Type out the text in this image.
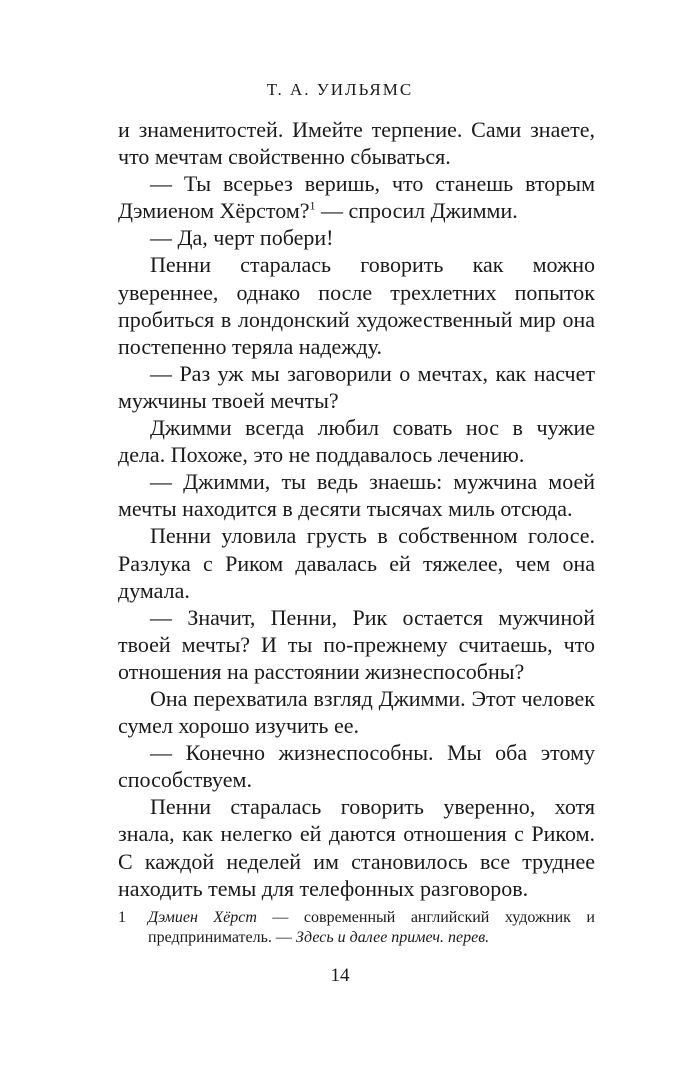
Т. А. УИЛЬЯМС

и знаменитостей. Имейте терпение. Сами знаете, что мечтам свойственно сбываться.

— Ты всерьез веришь, что станешь вторым Дэмиеном Хёрстом?$^1$ — спросил Джимми.

— Да, черт побери!

Пенни старалась говорить как можно увереннее, однако после трехлетних попыток пробиться в лондонский художественный мир она постепенно теряла надежду.

— Раз уж мы заговорили о мечтах, как насчет мужчины твоей мечты?

Джимми всегда любил совать нос в чужие дела. Похоже, это не поддавалось лечению.

— Джимми, ты ведь знаешь: мужчина моей мечты находится в десяти тысячах миль отсюда.

Пенни уловила грусть в собственном голосе. Разлука с Риком давалась ей тяжелее, чем она думала.

— Значит, Пенни, Рик остается мужчиной твоей мечты? И ты по-прежнему считаешь, что отношения на расстоянии жизнеспособны?

Она перехватила взгляд Джимми. Этот человек сумел хорошо изучить ее.

— Конечно жизнеспособны. Мы оба этому способствуем.

Пенни старалась говорить уверенно, хотя знала, как нелегко ей даются отношения с Риком. С каждой неделей им становилось все труднее находить темы для телефонных разговоров.

1 Дэмиен Хёрст — современный английский художник и предприниматель. — Здесь и далее примеч. перев.
14
